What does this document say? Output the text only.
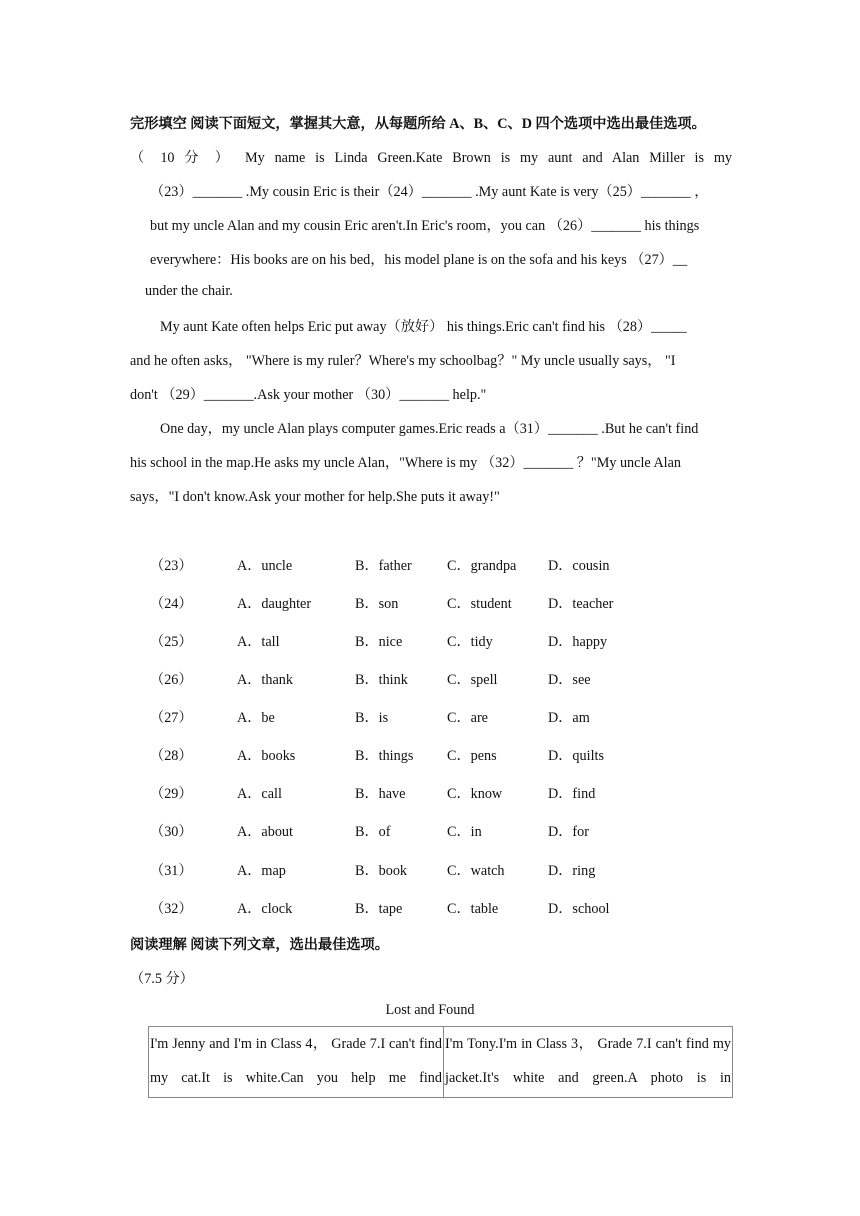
完形填空 阅读下面短文，掌握其大意，从每题所给 A、B、C、D 四个选项中选出最佳选项。
（ 10 分 ） My name is Linda Green.Kate Brown is my aunt and Alan Miller is my
（23）_______ .My cousin Eric is their（24）_______ .My aunt Kate is very（25）_______ ，
but my uncle Alan and my cousin Eric aren't.In Eric's room，you can （26）_______ his things
everywhere：His books are on his bed，his model plane is on the sofa and his keys （27）__
under the chair.
My aunt Kate often helps Eric put away（放好） his things.Eric can't find his （28）_____
and he often asks， "Where is my ruler？Where's my schoolbag？" My uncle usually says， "I
don't （29）_______.Ask your mother （30）_______ help."
One day，my uncle Alan plays computer games.Eric reads a（31）_______ .But he can't find
his school in the map.He asks my uncle Alan，"Where is my （32）_______ ？"My uncle Alan
says，"I don't know.Ask your mother for help.She puts it away!"
（23）	A．uncle	B．father C．grandpa D．cousin
（24）	A．daughter	B．son	C．student	D．teacher
（25）	A．tall	B．nice	C．tidy	D．happy
（26）	A．thank	B．think	C．spell	D．see
（27）	A．be	B．is	C．are	D．am
（28）	A．books	B．things C．pens	D．quilts
（29）	A．call	B．have	C．know	D．find
（30）	A．about	B．of	C．in	D．for
（31）	A．map	B．book	C．watch	D．ring
（32）	A．clock	B．tape	C．table	D．school
阅读理解 阅读下列文章，选出最佳选项。
（7.5 分）
Lost and Found
I'm Jenny and I'm in Class 4， Grade 7.I can't find my cat.It is white.Can you help me find	I'm Tony.I'm in Class 3， Grade 7.I can't find my jacket.It's white and green.A photo is in
